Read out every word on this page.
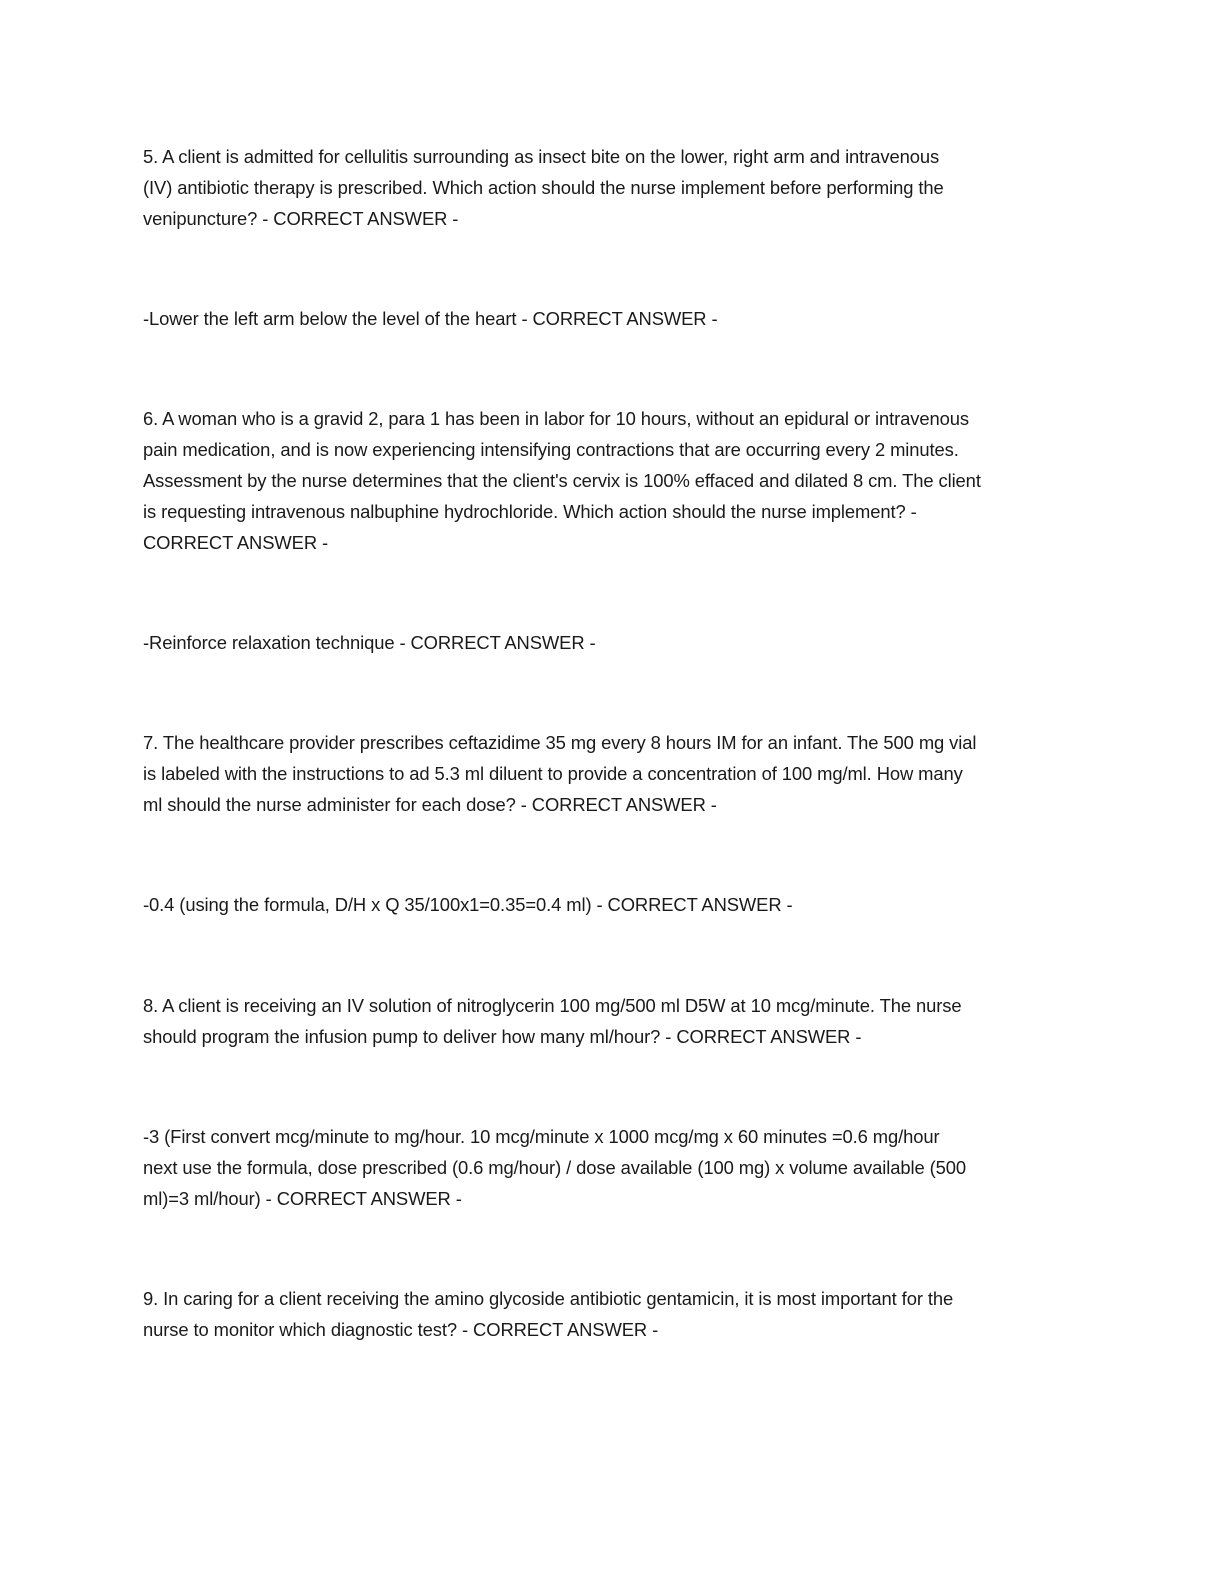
5. A client is admitted for cellulitis surrounding as insect bite on the lower, right arm and intravenous
(IV) antibiotic therapy is prescribed. Which action should the nurse implement before performing the
venipuncture? - CORRECT ANSWER -

-Lower the left arm below the level of the heart - CORRECT ANSWER -

6. A woman who is a gravid 2, para 1 has been in labor for 10 hours, without an epidural or intravenous
pain medication, and is now experiencing intensifying contractions that are occurring every 2 minutes.
Assessment by the nurse determines that the client's cervix is 100% effaced and dilated 8 cm. The client
is requesting intravenous nalbuphine hydrochloride. Which action should the nurse implement? -
CORRECT ANSWER -

-Reinforce relaxation technique - CORRECT ANSWER -

7. The healthcare provider prescribes ceftazidime 35 mg every 8 hours IM for an infant. The 500 mg vial
is labeled with the instructions to ad 5.3 ml diluent to provide a concentration of 100 mg/ml. How many
ml should the nurse administer for each dose? - CORRECT ANSWER -

-0.4 (using the formula, D/H x Q 35/100x1=0.35=0.4 ml) - CORRECT ANSWER -

8. A client is receiving an IV solution of nitroglycerin 100 mg/500 ml D5W at 10 mcg/minute. The nurse
should program the infusion pump to deliver how many ml/hour? - CORRECT ANSWER -

-3 (First convert mcg/minute to mg/hour. 10 mcg/minute x 1000 mcg/mg x 60 minutes =0.6 mg/hour
next use the formula, dose prescribed (0.6 mg/hour) / dose available (100 mg) x volume available (500
ml)=3 ml/hour) - CORRECT ANSWER -

9. In caring for a client receiving the amino glycoside antibiotic gentamicin, it is most important for the
nurse to monitor which diagnostic test? - CORRECT ANSWER -
